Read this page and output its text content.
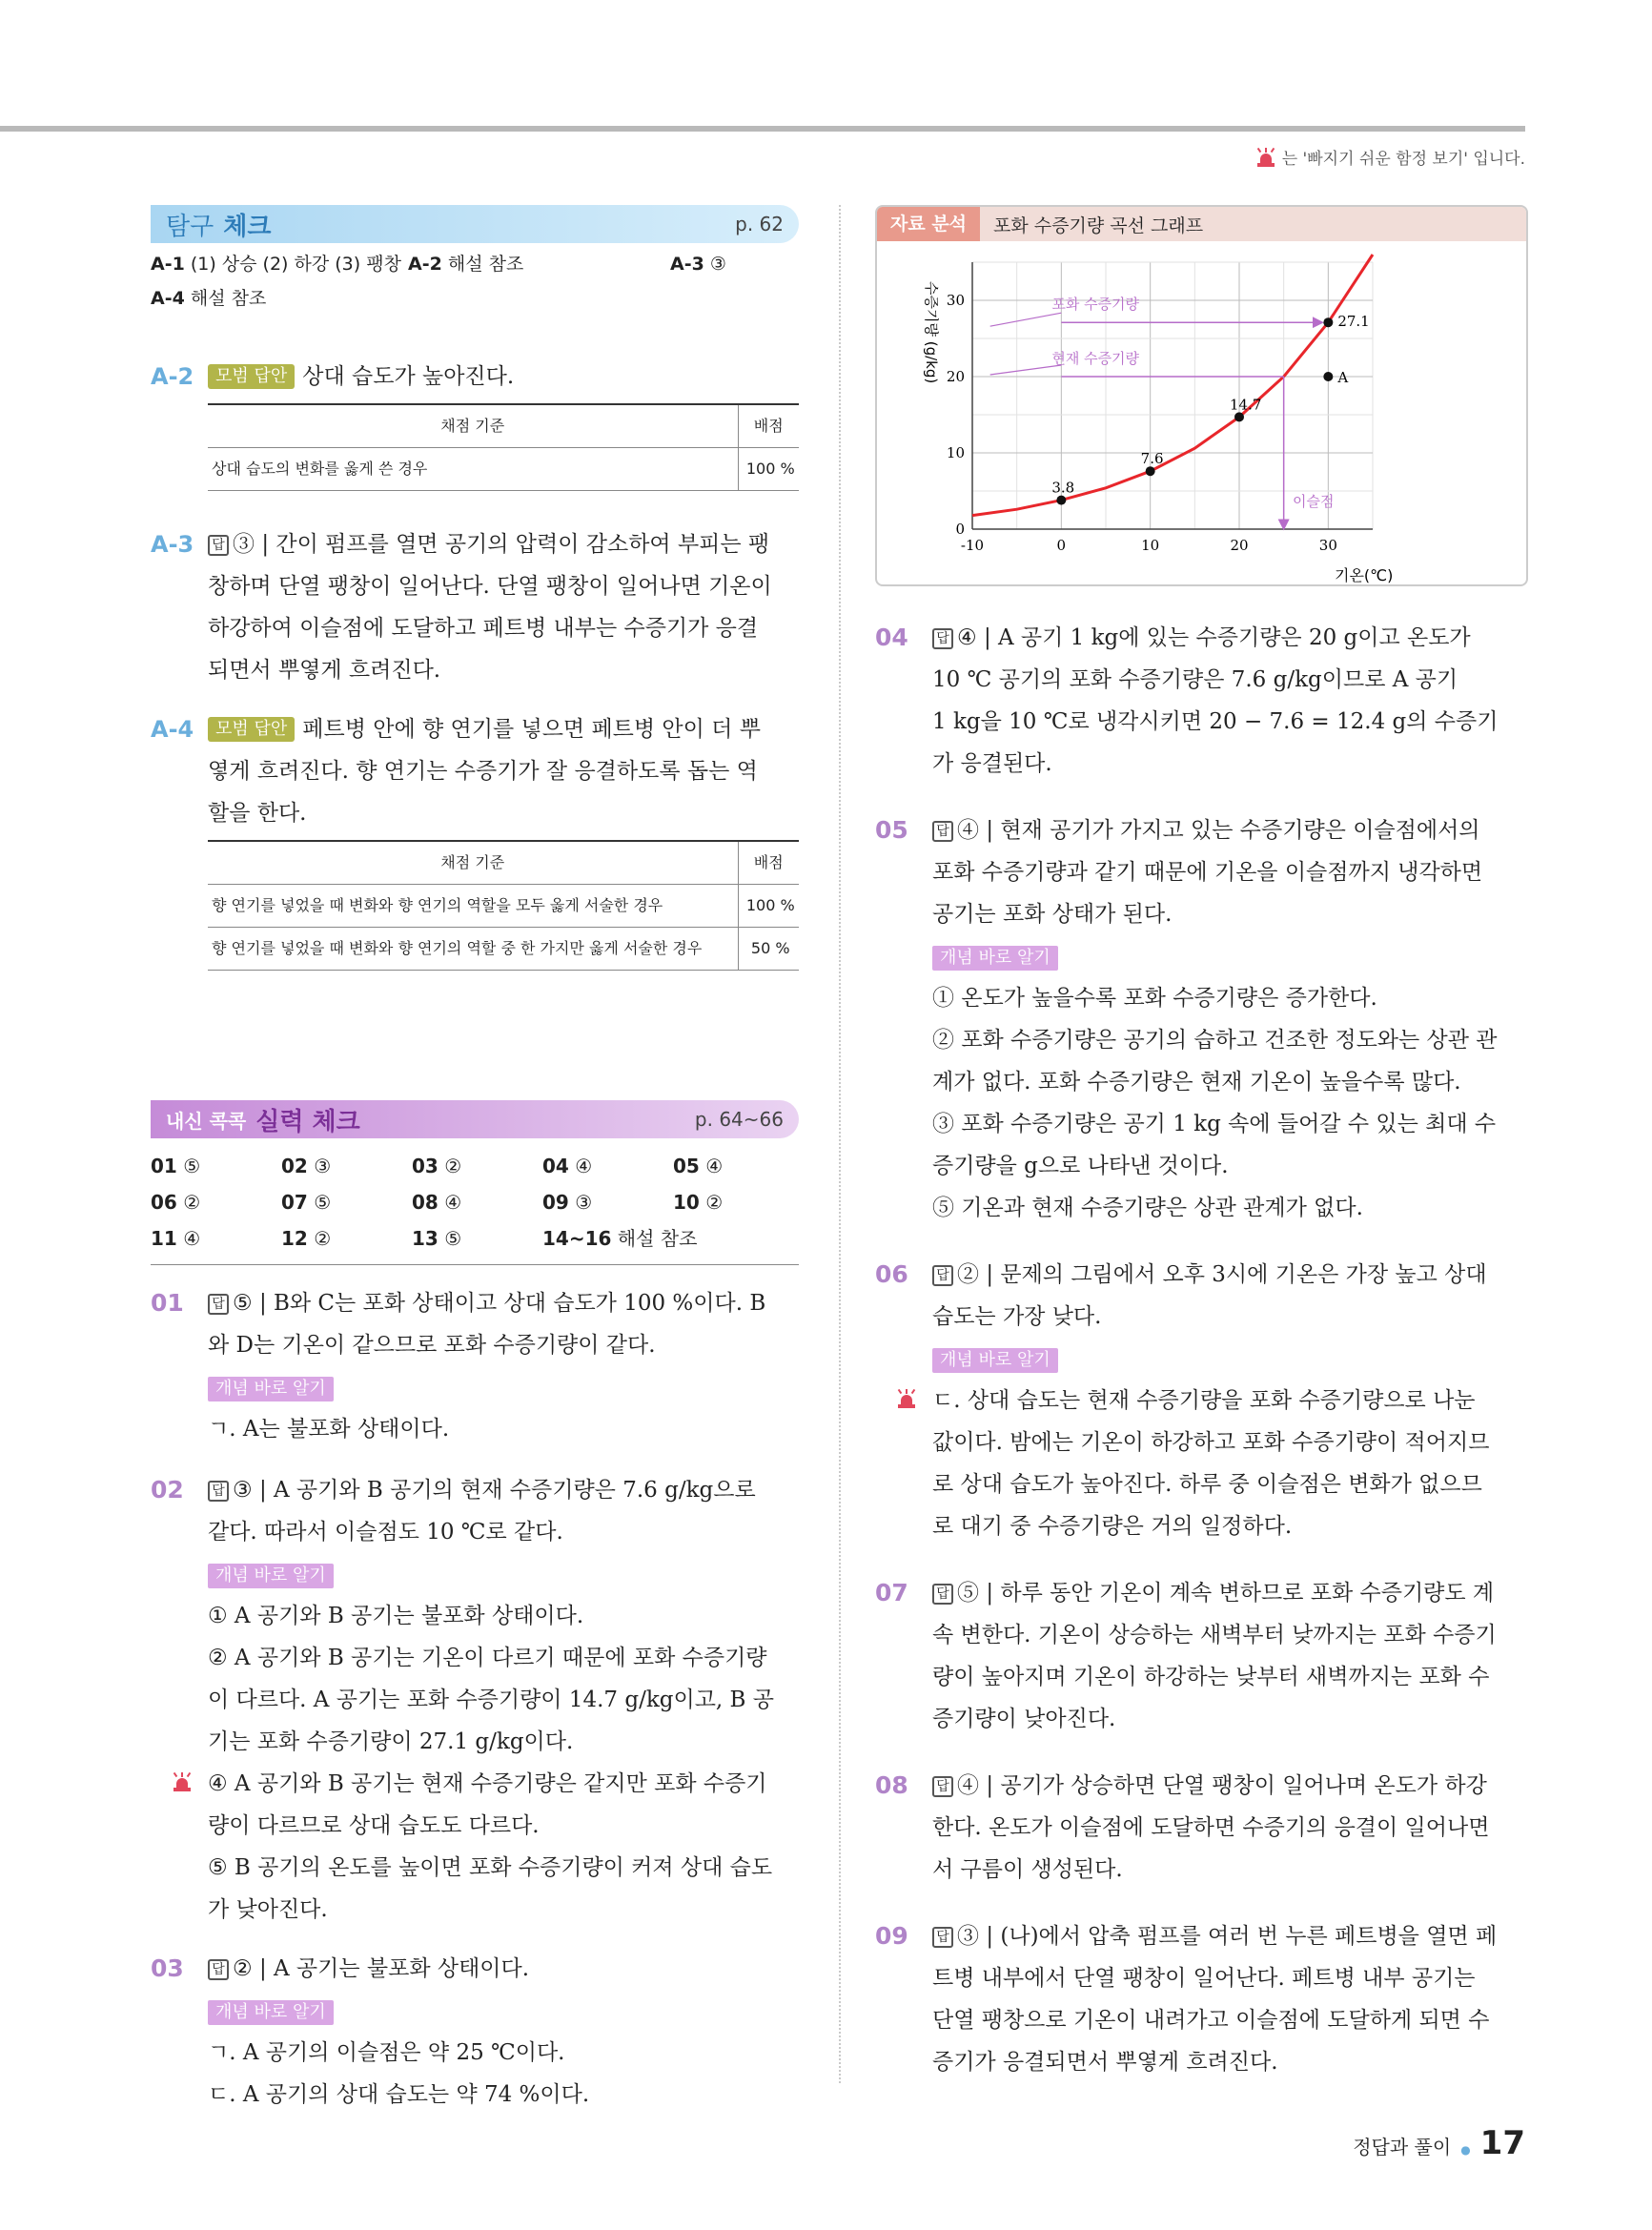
는 '빠지기 쉬운 함정 보기' 입니다.
탐구 체크	p. 62
A-1 (1) 상승 (2) 하강 (3) 팽창 A-2 해설 참조	A-3 ③
A-4 해설 참조
A-2 모범 답안 상대 습도가 높아진다.
채점 기준	배점
상대 습도의 변화를 옳게 쓴 경우	100 %
A-3	답 ③ | 간이 펌프를 열면 공기의 압력이 감소하여 부피는 팽
창하며 단열 팽창이 일어난다. 단열 팽창이 일어나면 기온이
하강하여 이슬점에 도달하고 페트병 내부는 수증기가 응결
되면서 뿌옇게 흐려진다.
A-4	모범 답안 페트병 안에 향 연기를 넣으면 페트병 안이 더 뿌
옇게 흐려진다. 향 연기는 수증기가 잘 응결하도록 돕는 역
할을 한다.
채점 기준	배점
향 연기를 넣었을 때 변화와 향 연기의 역할을 모두 옳게 서술한 경우	100 %
향 연기를 넣었을 때 변화와 향 연기의 역할 중 한 가지만 옳게 서술한 경우	50 %
내신 콕콕 실력 체크	p. 64~66
01 ⑤	02 ③	03 ②	04 ④	05 ④
06 ②	07 ⑤	08 ④	09 ③	10 ②
11 ④	12 ②	13 ⑤	14~16 해설 참조
01	답 ⑤ | B와 C는 포화 상태이고 상대 습도가 100 %이다. B
와 D는 기온이 같으므로 포화 수증기량이 같다.
개념 바로 알기
ㄱ. A는 불포화 상태이다.
02	답 ③ | A 공기와 B 공기의 현재 수증기량은 7.6 g/kg으로
같다. 따라서 이슬점도 10 ℃로 같다.
개념 바로 알기
① A 공기와 B 공기는 불포화 상태이다.
② A 공기와 B 공기는 기온이 다르기 때문에 포화 수증기량
이 다르다. A 공기는 포화 수증기량이 14.7 g/kg이고, B 공
기는 포화 수증기량이 27.1 g/kg이다.
④ A 공기와 B 공기는 현재 수증기량은 같지만 포화 수증기
량이 다르므로 상대 습도도 다르다.
⑤ B 공기의 온도를 높이면 포화 수증기량이 커져 상대 습도
가 낮아진다.
03	답 ② | A 공기는 불포화 상태이다.
개념 바로 알기
ㄱ. A 공기의 이슬점은 약 25 ℃이다.
ㄷ. A 공기의 상대 습도는 약 74 %이다.
자료 분석	포화 수증기량 곡선 그래프
-10	0	10	20	30
0
10
20
30	포화 수증기량
현재 수증기량
이슬점
3.8
7.6
14.7
27.1
A
수증기량 (g/kg)
기온(℃)
04	답 ④ | A 공기 1 kg에 있는 수증기량은 20 g이고 온도가
10 ℃ 공기의 포화 수증기량은 7.6 g/kg이므로 A 공기
1 kg을 10 ℃로 냉각시키면 20 − 7.6 = 12.4 g의 수증기
가 응결된다.
05	답 ④ | 현재 공기가 가지고 있는 수증기량은 이슬점에서의
포화 수증기량과 같기 때문에 기온을 이슬점까지 냉각하면
공기는 포화 상태가 된다.
개념 바로 알기
① 온도가 높을수록 포화 수증기량은 증가한다.
② 포화 수증기량은 공기의 습하고 건조한 정도와는 상관 관
계가 없다. 포화 수증기량은 현재 기온이 높을수록 많다.
③ 포화 수증기량은 공기 1 kg 속에 들어갈 수 있는 최대 수
증기량을 g으로 나타낸 것이다.
⑤ 기온과 현재 수증기량은 상관 관계가 없다.
06	답 ② | 문제의 그림에서 오후 3시에 기온은 가장 높고 상대
습도는 가장 낮다.
개념 바로 알기
ㄷ. 상대 습도는 현재 수증기량을 포화 수증기량으로 나눈
값이다. 밤에는 기온이 하강하고 포화 수증기량이 적어지므
로 상대 습도가 높아진다. 하루 중 이슬점은 변화가 없으므
로 대기 중 수증기량은 거의 일정하다.
07	답 ⑤ | 하루 동안 기온이 계속 변하므로 포화 수증기량도 계
속 변한다. 기온이 상승하는 새벽부터 낮까지는 포화 수증기
량이 높아지며 기온이 하강하는 낮부터 새벽까지는 포화 수
증기량이 낮아진다.
08	답 ④ | 공기가 상승하면 단열 팽창이 일어나며 온도가 하강
한다. 온도가 이슬점에 도달하면 수증기의 응결이 일어나면
서 구름이 생성된다.
09	답 ③ | (나)에서 압축 펌프를 여러 번 누른 페트병을 열면 페
트병 내부에서 단열 팽창이 일어난다. 페트병 내부 공기는
단열 팽창으로 기온이 내려가고 이슬점에 도달하게 되면 수
증기가 응결되면서 뿌옇게 흐려진다.
정답과 풀이 ● 17
